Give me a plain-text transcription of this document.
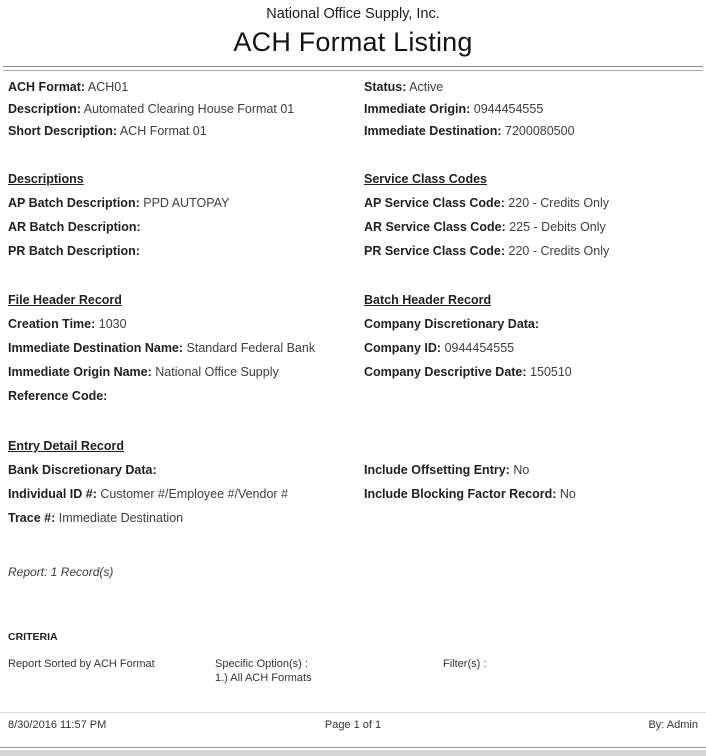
National Office Supply, Inc.
ACH Format Listing
ACH Format: ACH01
Description: Automated Clearing House Format 01
Short Description: ACH Format 01
Status: Active
Immediate Origin: 0944454555
Immediate Destination: 7200080500
Descriptions
AP Batch Description: PPD AUTOPAY
AR Batch Description:
PR Batch Description:
Service Class Codes
AP Service Class Code: 220 - Credits Only
AR Service Class Code: 225 - Debits Only
PR Service Class Code: 220 - Credits Only
File Header Record
Creation Time: 1030
Immediate Destination Name: Standard Federal Bank
Immediate Origin Name: National Office Supply
Reference Code:
Batch Header Record
Company Discretionary Data:
Company ID: 0944454555
Company Descriptive Date: 150510
Entry Detail Record
Bank Discretionary Data:
Individual ID #: Customer #/Employee #/Vendor #
Trace #: Immediate Destination
Include Offsetting Entry: No
Include Blocking Factor Record: No
Report: 1 Record(s)
CRITERIA
Report Sorted by ACH Format	Specific Option(s) :
1.) All ACH Formats
Filter(s) :
8/30/2016 11:57 PM	Page 1 of 1	By: Admin
